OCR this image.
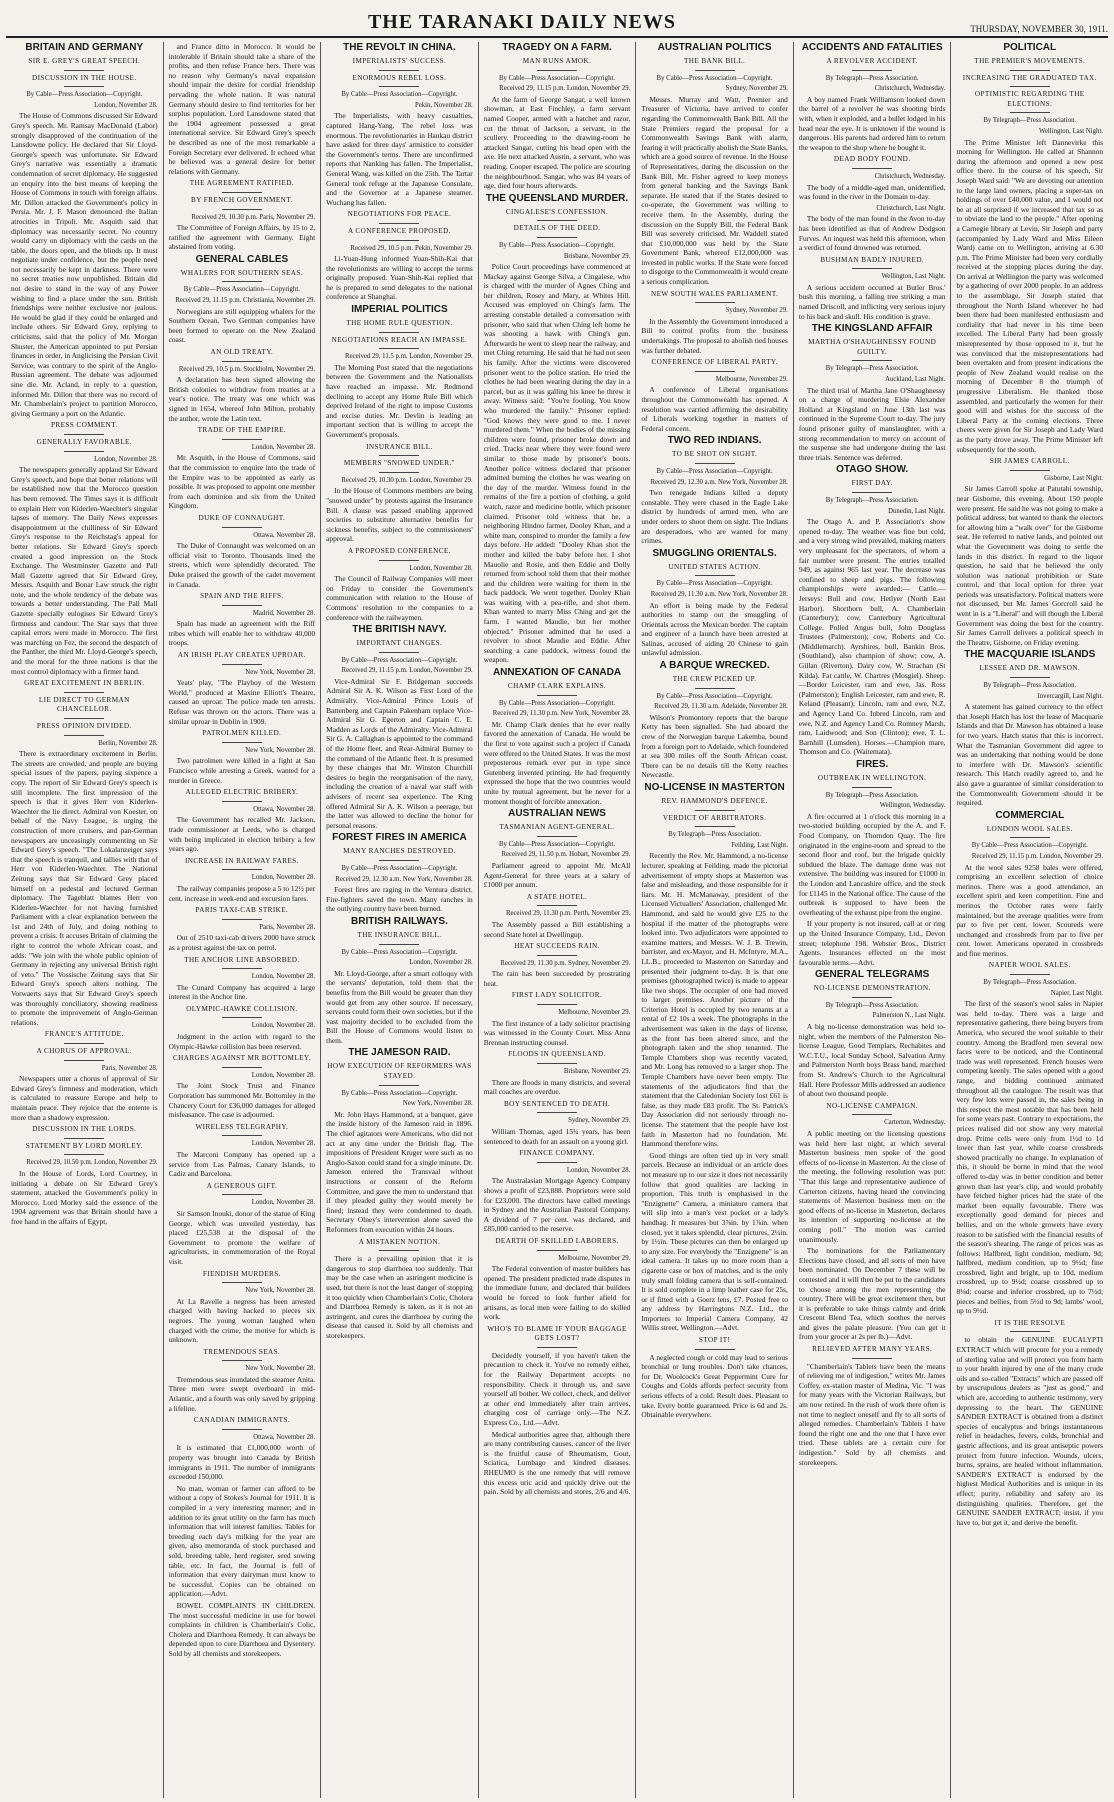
THE TARANAKI DAILY NEWS	THURSDAY, NOVEMBER 30, 1911.
BRITAIN AND GERMANY
SIR E. GREY'S GREAT SPEECH.
DISCUSSION IN THE HOUSE.
By Cable—Press Association—Copyright.
London, November 28.

The House of Commons discussed Sir Edward Grey's speech. Mr. Ramsay MacDonald (Labor) strongly disapproved of the continuation of the Lansdowne policy. He declared that Sir Lloyd-George's speech was unfortunate. Sir Edward Grey's narrative was essentially a dramatic condemnation of secret diplomacy. He suggested an enquiry into the best means of keeping the House of Commons in touch with foreign affairs. Mr. Dillon attacked the Government's policy in Persia. Mr. J. F. Mason denounced the Italian atrocities in Tripoli. Mr. Asquith said that diplomacy was necessarily secret. No country would carry on diplomacy with the cards on the table, the doors open, and the blinds up. It must negotiate under confidence, but the people need not necessarily be kept in darkness. There were no secret treaties now unpublished. Britain did not desire to stand in the way of any Power wishing to find a place under the sun. British friendships were neither exclusive nor jealous. He would be glad if they could be enlarged and include others. Sir Edward Grey, replying to criticisms, said that the policy of Mr. Morgan Shuster, the American appointed to put Persian finances in order, in Anglicising the Persian Civil Service, was contrary to the spirit of the Anglo-Russian agreement. The debate was adjourned sine die. Mr. Acland, in reply to a question, informed Mr. Dillon that there was no record of Mr. Chamberlain's project to partition Morocco, giving Germany a port on the Atlantic.

PRESS COMMENT.
GENERALLY FAVORABLE.
London, November 28.

The newspapers generally applaud Sir Edward Grey's speech, and hope that better relations will be established now that the Morocco question has been removed. The Times says it is difficult to explain Herr von Kiderlen-Waechter's singular lapses of memory. The Daily News expresses disappointment at the chilliness of Sir Edward Grey's response to the Reichstag's appeal for better relations. Sir Edward Grey's speech created a good impression on the Stock Exchange. The Westminster Gazette and Pall Mall Gazette agreed that Sir Edward Grey, Messrs. Asquith and Bonar Law struck the right note, and the whole tendency of the debate was towards a better understanding. The Pall Mall Gazette specially eulogises Sir Edward Grey's firmness and candour. The Star says that three capital errors were made in Morocco. The first was marching on Fez, the second the despatch of the Panther, the third Mr. Lloyd-George's speech, and the moral for the three nations is that the most control diplomacy with a firmer hand.

GREAT EXCITEMENT IN BERLIN.
LIE DIRECT TO GERMAN CHANCELLOR.
PRESS OPINION DIVIDED.
Berlin, November 28.

There is extraordinary excitement in Berlin. The streets are crowded, and people are buying special issues of the papers, paying sixpence a copy. The report of Sir Edward Grey's speech is still incomplete. The first impression of the speech is that it gives Herr von Kiderlen-Waechter the lie direct. Admiral von Koester, on behalf of the Navy League, is urging the construction of more cruisers, and pan-German newspapers are unceasingly commenting on Sir Edward Grey's speech. "The Lokalanzeiger says that the speech is tranquil, and tallies with that of Herr von Kiderlen-Waechter. The National Zeitung says that Sir Edward Grey placed himself on a pedestal and lectured German diplomacy. The Tageblatt blames Herr von Kiderlen-Waechter for not having furnished Parliament with a clear explanation between the 1st and 24th of July, and doing nothing to prevent a crisis. It accuses Britain of claiming the right to control the whole African coast, and adds: "We join with the whole public opinion of Germany in rejecting any universal British right of veto." The Vossische Zeitung says that Sir Edward Grey's speech alters nothing. The Vorwaerts says that Sir Edward Grey's speech was thoroughly conciliatory, showing readiness to promote the improvement of Anglo-German relations.

FRANCE'S ATTITUDE.
A CHORUS OF APPROVAL.
Paris, November 28.

Newspapers utter a chorus of approval of Sir Edward Grey's firmness and moderation, which is calculated to reassure Europe and help to maintain peace. They rejoice that the entente is more than a shadowy expression.

DISCUSSION IN THE LORDS.
STATEMENT BY LORD MORLEY.
Received 29, 10.50 p.m. London, November 29.

In the House of Lords, Lord Courtney, in initiating a debate on Sir Edward Grey's statement, attacked the Government's policy in Morocco. Lord Morley said the essence of the 1904 agreement was that Britain should have a free hand in the affairs of Egypt,

and France ditto in Morocco. It would be intolerable if Britain should take a share of the profits, and then refuse France hers. There was no reason why Germany's naval expansion should impair the desire for cordial friendship pervading the whole nation. It was natural Germany should desire to find territories for her surplus population. Lord Lansdowne stated that the 1904 agreement possessed a great international service. Sir Edward Grey's speech he described as one of the most remarkable a Foreign Secretary ever delivered. It echoed what he believed was a general desire for better relations with Germany.

THE AGREEMENT RATIFIED.
BY FRENCH GOVERNMENT.
Received 29, 10.30 p.m. Paris, November 29.

The Committee of Foreign Affairs, by 15 to 2, ratified the agreement with Germany. Eight abstained from voting.

GENERAL CABLES
WHALERS FOR SOUTHERN SEAS.
By Cable—Press Association—Copyright.
Received 29, 11.15 p.m. Christiania, November 29.

Norwegians are still equipping whalers for the Southern Ocean. Two German companies have been formed to operate on the New Zealand coast.

AN OLD TREATY.
Received 29, 10.5 p.m. Stockholm, November 29.

A declaration has been signed allowing the British colonies to withdraw from treaties at a year's notice. The treaty was one which was signed in 1654, whereof John Milton, probably the author, wrote the Latin text.

TRADE OF THE EMPIRE.
London, November 28.

Mr. Asquith, in the House of Commons, said that the commission to enquire into the trade of the Empire was to be appointed as early as possible. It was proposed to appoint one member from each dominion and six from the United Kingdom.

DUKE OF CONNAUGHT.
Ottawa, November 28.

The Duke of Connaught was welcomed on an official visit to Toronto. Thousands lined the streets, which were splendidly decorated. The Duke praised the growth of the cadet movement in Canada.

SPAIN AND THE RIFFS.
Madrid, November 28.

Spain has made an agreement with the Riff tribes which will enable her to withdraw 40,000 troops.

AN IRISH PLAY CREATES UPROAR.
New York, November 28.

Yeats' play, "The Playboy of the Western World," produced at Maxine Elliott's Theatre, caused an uproar. The police made ten arrests. Refuse was thrown on the actors. There was a similar uproar in Dublin in 1909.

PATROLMEN KILLED.
New York, November 28.

Two patrolmen were killed in a fight at San Francisco while arresting a Greek, wanted for a murder in Greece.

ALLEGED ELECTRIC BRIBERY.
Ottawa, November 28.

The Government has recalled Mr. Jackson, trade commissioner at Leeds, who is charged with being implicated in election bribery a few years ago.

INCREASE IN RAILWAY FARES.
London, November 28.

The railway companies propose a 5 to 12½ per cent. increase in week-end and excursion fares.

PARIS TAXI-CAB STRIKE.
Paris, November 28.

Out of 2510 taxi-cab drivers 2000 have struck as a protest against the tax on petrol.

THE ANCHOR LINE ABSORBED.
London, November 28.

The Cunard Company has acquired a large interest in the Anchor line.

OLYMPIC-HAWKE COLLISION.
London, November 28.

Judgment in the action with regard to the Olympic-Hawke collision has been reserved.

CHARGES AGAINST MR BOTTOMLEY.
London, November 28.

The Joint Stock Trust and Finance Corporation has summoned Mr. Bottomley in the Chancery Court for £36,000 damages for alleged misfeasance. The case is adjourned.

WIRELESS TELEGRAPHY.
London, November 28.

The Marconi Company has opened up a service from Las Palmas, Canary Islands, to Cadiz and Barcelona.

A GENEROUS GIFT.
London, November 28.

Sir Samson Inouki, donor of the statue of King George, which was unveiled yesterday, has placed £25,538 at the disposal of the Government to promote the welfare of agriculturists, in commemoration of the Royal visit.

FIENDISH MURDERS.
New York, November 28.

At La Ravelle a negress has been arrested charged with having hacked to pieces six negroes. The young woman laughed when charged with the crime, the motive for which is unknown.

TREMENDOUS SEAS.
New York, November 28.

Tremendous seas inundated the steamer Anita. Three men were swept overboard in mid-Atlantic, and a fourth was only saved by gripping a lifeline.

CANADIAN IMMIGRANTS.
Ottawa, November 28.

It is estimated that £1,000,000 worth of property was brought into Canada by British immigrants in 1911. The number of immigrants exceeded 150,000.

No man, woman or farmer can afford to be without a copy of Stokes's Journal for 1911. It is compiled in a very interesting manner; and in addition to its great utility on the farm has much information that will interest families. Tables for breeding each day's milking for the year are given, also memoranda of stock purchased and sold, breeding table, herd register, seed sowing table, etc. In fact, the Journal is full of information that every dairyman must know to be successful. Copies can be obtained on application.—Advt.

BOWEL COMPLAINTS IN CHILDREN. The most successful medicine in use for bowel complaints in children is Chamberlain's Colic, Cholera and Diarrhoea Remedy. It can always be depended upon to cure Diarrhoea and Dysentery. Sold by all chemists and storekeepers.

THE REVOLT IN CHINA.
IMPERIALISTS' SUCCESS.
ENORMOUS REBEL LOSS.
By Cable—Press Association—Copyright.
Pekin, November 28.

The Imperialists, with heavy casualties, captured Hang-Yang. The rebel loss was enormous. The revolutionaries in Hankau district have asked for three days' armistice to consider the Government's terms. There are unconfirmed reports that Nanking has fallen. The Imperialist, General Wang, was killed on the 25th. The Tartar General took refuge at the Japanese Consulate, and the Governor at a Japanese steamer. Wuchang has fallen.

NEGOTIATIONS FOR PEACE.
A CONFERENCE PROPOSED.
Received 29, 10.5 p.m. Pekin, November 29.

Li-Yuan-Hung informed Yuan-Shih-Kai that the revolutionists are willing to accept the terms originally proposed. Yuan-Shih-Kai replied that he is prepared to send delegates to the national conference at Shanghai.

IMPERIAL POLITICS
THE HOME RULE QUESTION.
NEGOTIATIONS REACH AN IMPASSE.
Received 29, 11.5 p.m. London, November 29.

The Morning Post stated that the negotiations between the Government and the Nationalists have reached an impasse. Mr. Redmond declining to accept any Home Rule Bill which deprived Ireland of the right to impose Customs and excise duties. Mr. Devlin is leading an important section that is willing to accept the Government's proposals.

INSURANCE BILL.
MEMBERS "SNOWED UNDER."
Received 29, 10.30 p.m. London, November 29.

In the House of Commons members are being "snowed under" by protests against the Insurance Bill. A clause was passed enabling approved societies to substitute alternative benefits for sickness benefits, subject to the commissioners' approval.

A PROPOSED CONFERENCE.
London, November 28.

The Council of Railway Companies will meet on Friday to consider the Government's communication with relation to the House of Commons' resolution to the companies to a conference with the railwaymen.

THE BRITISH NAVY.
IMPORTANT CHANGES.
By Cable—Press Association—Copyright.
Received 29, 11.15 p.m. London, November 29.

Vice-Admiral Sir F. Bridgeman succeeds Admiral Sir A. K. Wilson as First Lord of the Admiralty. Vice-Admiral Prince Louis of Battenberg and Captain Pakenham replace Vice-Admiral Sir G. Egerton and Captain C. E. Madden as Lords of the Admiralty. Vice-Admiral Sir G. A. Callaghan is appointed to the command of the Home fleet, and Rear-Admiral Burney to the command of the Atlantic fleet. It is presumed by these changes that Mr. Winston Churchill desires to begin the reorganisation of the navy, including the creation of a naval war staff with advisers of recent sea experience. The King offered Admiral Sir A. K. Wilson a peerage, but the latter was allowed to decline the honor for personal reasons.

FOREST FIRES IN AMERICA
MANY RANCHES DESTROYED.
By Cable—Press Association—Copyright.
Received 29, 12.30 a.m. New York, November 28.

Forest fires are raging in the Ventura district. Fire-fighters saved the town. Many ranches in the outlying country have been burned.

BRITISH RAILWAYS.
THE INSURANCE BILL.
By Cable—Press Association—Copyright.
London, November 28.

Mr. Lloyd-George, after a smart colloquy with the servants' deputation, told them that the benefits from the Bill would be greater than they would get from any other source. If necessary, servants could form their own societies, but if the vast majority decided to be excluded from the Bill the House of Commons would listen to them.

THE JAMESON RAID.
HOW EXECUTION OF REFORMERS WAS STAYED.
By Cable—Press Association—Copyright.
New York, November 28.

Mr. John Hays Hammond, at a banquet, gave the inside history of the Jameson raid in 1896. The chief agitators were Americans, who did not act at any time under the British flag. The impositions of President Kruger were such as no Anglo-Saxon could stand for a single minute. Dr. Jameson entered the Transvaal without instructions or consent of the Reform Committee, and gave the men to understand that if they pleaded guilty they would merely be fined; instead they were condemned to death. Secretary Olney's intervention alone saved the Reformers from execution within 24 hours.

A MISTAKEN NOTION.

There is a prevailing opinion that it is dangerous to stop diarrhoea too suddenly. That may be the case when an astringent medicine is used, but there is not the least danger of stopping it too quickly when Chamberlain's Colic, Cholera and Diarrhoea Remedy is taken, as it is not an astringent, and cures the diarrhoea by curing the disease that caused it. Sold by all chemists and storekeepers.

TRAGEDY ON A FARM.
MAN RUNS AMOK.
By Cable—Press Association—Copyright.
Received 29, 11.15 p.m. London, November 29.

At the farm of George Sangar, a well known showman, at East Finchley, a farm servant named Cooper, armed with a hatchet and razor, cut the throat of Jackson, a servant, in the scullery. Proceeding to the drawing-room he attacked Sangar, cutting his head open with the axe. He next attacked Austin, a servant, who was reading. Cooper escaped. The police are scouring the neighbourhood. Sangar, who was 84 years of age, died four hours afterwards.

THE QUEENSLAND MURDER.
CINGALESE'S CONFESSION.
DETAILS OF THE DEED.
By Cable—Press Association—Copyright.
Brisbane, November 29.

Police Court proceedings have commenced at Mackay against George Silva, a Cingalese, who is charged with the murder of Agnes Ching and her children, Rosey and Mary, at Whites Hill. Accused was employed on Ching's farm. The arresting constable detailed a conversation with prisoner, who said that when Ching left home he was shooting a hawk with Ching's gun. Afterwards he went to sleep near the railway, and met Ching returning. He said that he had not seen his family. After the victims were discovered prisoner went to the police station. He tried the clothes he had been wearing during the day in a parcel, but as it was galling his knee he threw it away. Witness said: "You're fooling. You know who murdered the family." Prisoner replied: "God knows they were good to me. I never murdered them." When the bodies of the missing children were found, prisoner broke down and cried. Tracks near where they were found were similar to those made by prisoner's boots. Another police witness declared that prisoner admitted burning the clothes he was wearing on the day of the murder. Witness found in the remains of the fire a portion of clothing, a gold watch, razor and medicine bottle, which prisoner claimed. Prisoner told witness that he, a neighboring Hindoo farmer, Dooley Khan, and a white man, conspired to murder the family a few days before. He added: "Dooley Khan shot the mother and killed the baby before her. I shot Mauolie and Rosie, and then Eddie and Dolly returned from school told them that their mother and the children were waiting for them in the back paddock. We went together. Dooley Khan was waiting with a pea-rifle, and shot them. Khan wanted to marry Miss Ching and get the farm. I wanted Maudie, but her mother objected." Prisoner admitted that he used a revolver to shoot Maudie and Eddie. After searching a cane paddock, witness found the weapon.

ANNEXATION OF CANADA
CHAMP CLARK EXPLAINS.
By Cable—Press Association—Copyright.
Received 29, 11.30 p.m. New York, November 28.

Mr. Champ Clark denies that he ever really favored the annexation of Canada. He would be the first to vote against such a project if Canada were offered to the United States. It was the most preposterous remark ever put in type since Gutenberg invented printing. He had frequently expressed the hope that the two countries would unite by mutual agreement, but he never for a moment thought of forcible annexation.

AUSTRALIAN NEWS
TASMANIAN AGENT-GENERAL.
By Cable—Press Association—Copyright.
Received 29, 11.50 p.m. Hobart, November 29.

Parliament agreed to appoint Mr. McAll Agent-General for three years at a salary of £1000 per annum.

A STATE HOTEL.
Received 29, 11.30 p.m. Perth, November 29.

The Assembly passed a Bill establishing a second State hotel at Dwellingup.

HEAT SUCCEEDS RAIN.
Received 29, 11.30 p.m. Sydney, November 29.

The rain has been succeeded by prostrating heat.

FIRST LADY SOLICITOR.
Melbourne, November 29.

The first instance of a lady solicitor practising was witnessed in the County Court. Miss Anna Brennan instructing counsel.

FLOODS IN QUEENSLAND.
Brisbane, November 29.

There are floods in many districts, and several mail coaches are overdue.

BOY SENTENCED TO DEATH.
Sydney, November 29.

William Thomas, aged 15¾ years, has been sentenced to death for an assault on a young girl.

FINANCE COMPANY.
London, November 28.

The Australasian Mortgage Agency Company shows a profit of £23,888. Proprietors were sold for £23,000. The directors have called meetings in Sydney and the Australian Pastoral Company. A dividend of 7 per cent. was declared, and £85,000 carried to the reserve.

DEARTH OF SKILLED LABORERS.
Melbourne, November 29.

The Federal convention of master builders has opened. The president predicted trade disputes in the immediate future, and declared that builders would be forced to look further afield for artisans, as local men were failing to do skilled work.

WHO'S TO BLAME IF YOUR BAGGAGE GETS LOST?

Decidedly yourself, if you haven't taken the precaution to check it. You've no remedy either, for the Railway Department accepts no responsibility. Check it through us, and save yourself all bother. We collect, check, and deliver at other end immediately after train arrives, charging cost of carriage only.—The N.Z. Express Co., Ltd.—Advt.

Medical authorities agree that, although there are many contributing causes, cancer of the liver is the fruitful cause of Rheumatism, Gout, Sciatica, Lumbago and kindred diseases. RHEUMO is the one remedy that will remove this excess uric acid and quickly drive out the pain. Sold by all chemists and stores, 2/6 and 4/6.

AUSTRALIAN POLITICS
THE BANK BILL.
By Cable—Press Association—Copyright.
Sydney, November 29.

Messrs. Murray and Watt, Premier and Treasurer of Victoria, have arrived to confer regarding the Commonwealth Bank Bill. All the State Premiers regard the proposal for a Commonwealth Savings Bank with alarm, fearing it will practically abolish the State Banks, which are a good source of revenue. In the House of Representatives, during the discussion on the Bank Bill, Mr. Fisher agreed to keep moneys from general banking and the Savings Bank separate. He stated that if the States desired to co-operate, the Government was willing to receive them. In the Assembly, during the discussion on the Supply Bill, the Federal Bank Bill was severely criticised. Mr. Waddell stated that £10,000,000 was held by the State Government Bank, whereof £12,000,000 was invested in public works. If the State were forced to disgorge to the Commonwealth it would create a serious complication.

NEW SOUTH WALES PARLIAMENT.
Sydney, November 29.

In the Assembly the Government introduced a Bill to control profits from the business undertakings. The proposal to abolish tied houses was further debated.

CONFERENCE OF LIBERAL PARTY.
Melbourne, November 29.

A conference of Liberal organisations throughout the Commonwealth has opened. A resolution was carried affirming the desirability of Liberals working together in matters of Federal concern.

TWO RED INDIANS.
TO BE SHOT ON SIGHT.
By Cable—Press Association—Copyright.
Received 29, 12.30 a.m. New York, November 28.

Two renegade Indians killed a deputy constable. They were chased in the Eagle Lake district by hundreds of armed men, who are under orders to shoot them on sight. The Indians are desperadoes, who are wanted for many crimes.

SMUGGLING ORIENTALS.
UNITED STATES ACTION.
By Cable—Press Association—Copyright.
Received 29, 11.30 a.m. New York, November 28.

An effort is being made by the Federal authorities to stamp out the smuggling of Orientals across the Mexican border. The captain and engineer of a launch have been arrested at Salinas, accused of aiding 20 Chinese to gain unlawful admission.

A BARQUE WRECKED.
THE CREW PICKED UP.
By Cable—Press Association—Copyright.
Received 29, 11.30 a.m. Adelaide, November 28.

Wilson's Promontory reports that the barque Ketty has been signalled. She had aboard the crew of the Norwegian barque Lakemba, bound from a foreign port to Adelaide, which foundered at sea 300 miles off the South African coast. There can be no details till the Ketty reaches Newcastle.

NO-LICENSE IN MASTERTON
REV. HAMMOND'S DEFENCE.
VERDICT OF ARBITRATORS.
By Telegraph—Press Association.
Feilding, Last Night.

Recently the Rev. Mr. Hammond, a no-license lecturer, speaking at Feilding, made the pictorial advertisement of empty shops at Masterton was false and misleading, and those responsible for it liars. Mr. H. McManaway, president of the Licensed Victuallers' Association, challenged Mr. Hammond, and said he would give £25 to the hospital if the matter of the photographs were looked into. Two adjudicators were appointed to examine matters, and Messrs. W. J. B. Trewin, barrister, and ex-Mayor, and H. McIntyre, M.A., LL.B., proceeded to Masterton on Saturday and presented their judgment to-day. It is that one premises (photographed twice) is made to appear like two shops. The occupier of one had moved to larger premises. Another picture of the Criterion Hotel is occupied by two tenants at a rental of £2 10s a week. The photographs in the advertisement was taken in the days of license, as the front has been altered since, and the photograph taken and the shop tenanted. The Temple Chambers shop was recently vacated, and Mr. Long has removed to a larger shop. The Temple Chambers have never been empty. The statements of the adjudicators find that the statement that the Caledonian Society lost £61 is false, as they made £83 profit. The St. Patrick's Day Association did not seriously through no-license. The statement that the people have lost faith in Masterton had no foundation. Mr. Hammond therefore wins.

Good things are often tied up in very small parcels. Because an individual or an article does not measure up to our size it does not necessarily follow that good qualities are lacking in proportion. This truth is emphasised in the "Enzignette" Camera, a miniature camera that will slip into a man's vest pocket or a lady's handbag. It measures but 3⅞in. by 1⅞in. when closed, yet it takes splendid, clear pictures, 2¼in. by 1½in. These pictures can then be enlarged up to any size. For everybody the "Enzignette" is an ideal camera. It takes up no more room than a cigarette case or box of matches, and is the only truly small folding camera that is self-contained. It is sold complete in a limp leather case for 25s, or if fitted with a Goerz lens, £7. Posted free to any address by Harringtons N.Z. Ltd., the Importers to Imperial Camera Company, 42 Willis street, Wellington.—Advt.

STOP IT!

A neglected cough or cold may lead to serious bronchial or lung troubles. Don't take chances, for Dr. Woolcock's Great Peppermint Cure for Coughs and Colds affords perfect security from serious effects of a cold. Result does. Pleasant to take. Every bottle guaranteed. Price is 6d and 2s. Obtainable everywhere.

ACCIDENTS AND FATALITIES
A REVOLVER ACCIDENT.
By Telegraph—Press Association.
Christchurch, Wednesday.

A boy named Frank Williamson looked down the barrel of a revolver he was shooting birds with, when it exploded, and a bullet lodged in his head near the eye. It is unknown if the wound is dangerous. His parents had ordered him to return the weapon to the shop where he bought it.

DEAD BODY FOUND.
Christchurch, Wednesday.

The body of a middle-aged man, unidentified, was found in the river in the Domain to-day.

Christchurch, Last Night.

The body of the man found in the Avon to-day has been identified as that of Andrew Dodgson Furves. An inquest was held this afternoon, when a verdict of found drowned was returned.

BUSHMAN BADLY INJURED.
Wellington, Last Night.

A serious accident occurred at Butler Bros.' bush this morning, a falling tree striking a man named Driscoll, and inflicting very serious injury to his back and skull. His condition is grave.

THE KINGSLAND AFFAIR
MARTHA O'SHAUGHNESSY FOUND GUILTY.
By Telegraph—Press Association.
Auckland, Last Night.

The third trial of Martha Jane O'Shaughnessy on a charge of murdering Elsie Alexander Holland at Kingsland on June 13th last was continued in the Supreme Court to-day. The jury found prisoner guilty of manslaughter, with a strong recommendation to mercy on account of the suspense she had undergone during the last three trials. Sentence was deferred.

OTAGO SHOW.
FIRST DAY.
By Telegraph—Press Association.
Dunedin, Last Night.

The Otago A. and P. Association's show opened to-day. The weather was fine but cold, and a very strong wind prevailed, making matters very unpleasant for the spectators, of whom a fair number were present. The entries totalled 949, as against 965 last year. The decrease was confined to sheep and pigs. The following championships were awarded:— Cattle.—Jerseys: Bull and cow, Hetlyer (North East Harbor). Shorthorn bull, A. Chamberlain (Canterbury); cow, Canterbury Agricultural College. Polled Angus bull, John Douglass Trustees (Palmerston); cow, Roberts and Co. (Middlemarch). Ayrshires, bull, Bankin Bros. (Southland), also champion of show; cow, A. Gillan (Riverton). Dairy cow, W. Strachan (St Kilda). Fat cattle, W. Chartres (Mosgiel). Sheep.—Border Leicester, ram and ewe, Jas. Ross (Palmerston); English Leicester, ram and ewe, R. Keland (Pleasant); Lincoln, ram and ewe, N.Z. and Agency Land Co. Inbred Lincoln, ram and ewe, N.Z. and Agency Land Co. Romney Marsh, ram, Laidwood; and Son (Clinton); ewe, T. L. Barnhill (Lumsden). Horses.—Champion mare, Thomson and Co. (Waitemata).

FIRES.
OUTBREAK IN WELLINGTON.
By Telegraph—Press Association.
Wellington, Wednesday.

A fire occurred at 1 o'clock this morning in a two-storied building occupied by the A. and F. Food Company, on Thorndon Quay. The fire originated in the engine-room and spread to the second floor and roof, but the brigade quickly subdued the blaze. The damage done was not extensive. The building was insured for £1000 in the London and Lancashire office, and the stock for £1145 in the National office. The cause of the outbreak is supposed to have been the overheating of the exhaust pipe from the engine.

If your property is not insured, call at or ring up the United Insurance Company, Ltd., Devon street; telephone 198. Webster Bros., District Agents. Insurances effected on the most favourable terms.—Advt.

GENERAL TELEGRAMS
NO-LICENSE DEMONSTRATION.
By Telegraph—Press Association.
Palmerston N., Last Night.

A big no-license demonstration was held to-night, when the members of the Palmerston No-license League, Good Templars, Rechabites and W.C.T.U., local Sunday School, Salvation Army and Palmerston North boys Brass band, marched from St. Andrew's Church to the Agricultural Hall. Here Professor Mills addressed an audience of about two thousand people.

NO-LICENSE CAMPAIGN.
Carterton, Wednesday.

A public meeting on the licensing questions was held here last night, at which several Masterton business men spoke of the good effects of no-license in Masterton. At the close of the meeting, the following resolution was put: "That this large and representative audience of Carterton citizens, having heard the convincing statements of Masterton business men on the good effects of no-license in Masterton, declares its intention of supporting no-license at the coming poll." The motion was carried unanimously.

The nominations for the Parliamentary Elections have closed, and all sorts of men have been nominated. On December 7 these will be contested and it will then be put to the candidates to choose among the men representing the country. There will be great excitement then, but it is preferable to take things calmly and drink Crescent Blend Tea, which soothes the nerves and gives the palate pleasure. (You can get it from your grocer at 2s per lb.)—Advt.

RELIEVED AFTER MANY YEARS.

"Chamberlain's Tablets have been the means of relieving me of indigestion," writes Mr. James Coffey, ex-station master of Medina, Vic. "I was for many years with the Victorian Railways, but am now retired. In the rush of work there often is not time to neglect oneself and fly to all sorts of alleged remedies. Chamberlain's Tablets I have found the right one and the one that I have ever tried. These tablets are a certain cure for indigestion." Sold by all chemists and storekeepers.

POLITICAL
THE PREMIER'S MOVEMENTS.
INCREASING THE GRADUATED TAX.
OPTIMISTIC REGARDING THE ELECTIONS.
By Telegraph—Press Association.
Wellington, Last Night.

The Prime Minister left Dannevirke this morning for Wellington. He called at Shannon during the afternoon and opened a new post office there. In the course of his speech, Sir Joseph Ward said: "We are devoting our attention to the large land owners, placing a super-tax on holdings of over £40,000 value, and I would not be at all surprised if we increased that tax so as to obviate the land to the people." After opening a Carnegie library at Levin, Sir Joseph and party (accompanied by Lady Ward and Miss Eileen Ward) came on to Wellington, arriving at 6.30 p.m. The Prime Minister had been very cordially received at the stopping places during the day. On arrival at Wellington the party was welcomed by a gathering of over 2000 people. In an address to the assemblage, Sir Joseph stated that throughout the North Island wherever he had been there had been manifested enthusiasm and cordiality that had never in his time been excelled. The Liberal Party had been grossly misrepresented by those opposed to it, but he was convinced that the misrepresentations had been overtaken and from present indications the people of New Zealand would realise on the morning of December 8 the triumph of progressive Liberalism. He thanked those assembled, and particularly the women for their good will and wishes for the success of the Liberal Party at the coming elections. Three cheers were given for Sir Joseph and Lady Ward as the party drove away. The Prime Minister left subsequently for the south.

SIR JAMES CARROLL.
Gisborne, Last Night.

Sir James Carroll spoke at Patutahi township, near Gisborne, this evening. About 150 people were present. He said he was not going to make a political address, but wanted to thank the electors for allowing him a "walk over" for the Gisborne seat. He referred to native lands, and pointed out what the Government was doing to settle the lands in this district. In regard to the liquor question, he said that he believed the only solution was national prohibition or State control, and that local option for three year periods was unsatisfactory. Political matters were not discussed, but Mr. James Gorcroll said he went in is a "Liberal" and will though the Liberal Government was doing the best for the country. Sir James Carroll delivers a political speech in the Theatre, Gisborne, on Friday evening.

THE MACQUARIE ISLANDS
LESSEE AND DR. MAWSON.
By Telegraph—Press Association.
Invercargill, Last Night.

A statement has gained currency to the effect that Joseph Hatch has lost the lease of Macquarie Islands and that Dr. Mawson has obtained a lease for two years. Hatch states that this is incorrect. What the Tasmanian Government did agree to was an undertaking that nothing would be done to interfere with Dr. Mawson's scientific research. This Hatch readily agreed to, and he also gave a guarantee of similar consideration to the Commonwealth Government should it be required.

COMMERCIAL
LONDON WOOL SALES.
By Cable—Press Association—Copyright.
Received 29, 11.15 p.m. London, November 29.

At the wool sales 9258 bales were offered, comprising an excellent selection of choice merinos. There was a good attendance, an excellent spirit and keen competition. Fine and merinos the October rates were fairly maintained, but the average qualities were from par to five per cent. lower. Scoureds were unchanged and crossbreds from par to five per cent. lower. Americans operated in crossbreds and fine merinos.

NAPIER WOOL SALES.
By Telegraph—Press Association.
Napier, Last Night.

The first of the season's wool sales in Napier was held to-day. There was a large and representative gathering, there being buyers from America, who secured the wool suitable to their country. Among the Bradford men several new faces were to be noticed, and the Continental trade was well represented. French houses were competing keenly. The sales opened with a good range, and bidding continued animated throughout all the catalogue. The result was that very few lots were passed in, the sales being in this respect the most notable that has been held for some years past. Contrary to expectations, the prices realised did not show any very material drop. Prime cells were only from 1½d to 1d lower than last year, while coarse crossbreds showed practically no change. In explanation of this, it should be borne in mind that the wool offered to-day was in better condition and better grown than last year's clip, and would probably have fetched higher prices had the state of the market been equally favourable. There was exceptionally good demand for pieces and bellies, and on the whole growers have every reason to be satisfied with the financial results of the season's shearing. The range of prices was as follows: Halfbred, light condition, medium, 9d; halfbred, medium condition, up to 9½d; fine crossbred, light and bright, up to 10d, medium crossbred, up to 9½d; coarse crossbred up to 8⅛d; coarse and inferior crossbred, up to 7½d; pieces and bellies, from 5½d to 9d; lambs' wool, up to 9½d.

IT IS THE RESOLVE

to obtain the GENUINE EUCALYPTI EXTRACT which will procure for you a remedy of sterling value and will protect you from harm to your health injured by one of the many crude oils and so-called "Extracts" which are passed off by unscrupulous dealers as "just as good," and which are, according to authentic testimony, very depressing to the heart. The GENUINE SANDER EXTRACT is obtained from a distinct species of eucalyptus and brings instantaneous relief in headaches, fevers, colds, bronchial and gastric affections, and its great antiseptic powers protect from future infection. Wounds, ulcers, burns, sprains, are healed without inflammation. SANDER'S EXTRACT is endorsed by the highest Medical Authorities and is unique in its effect; purity, reliability and safety are its distinguishing qualities. Therefore, get the GENUINE SANDER EXTRACT; insist, if you have to, but get it, and derive the benefit.
